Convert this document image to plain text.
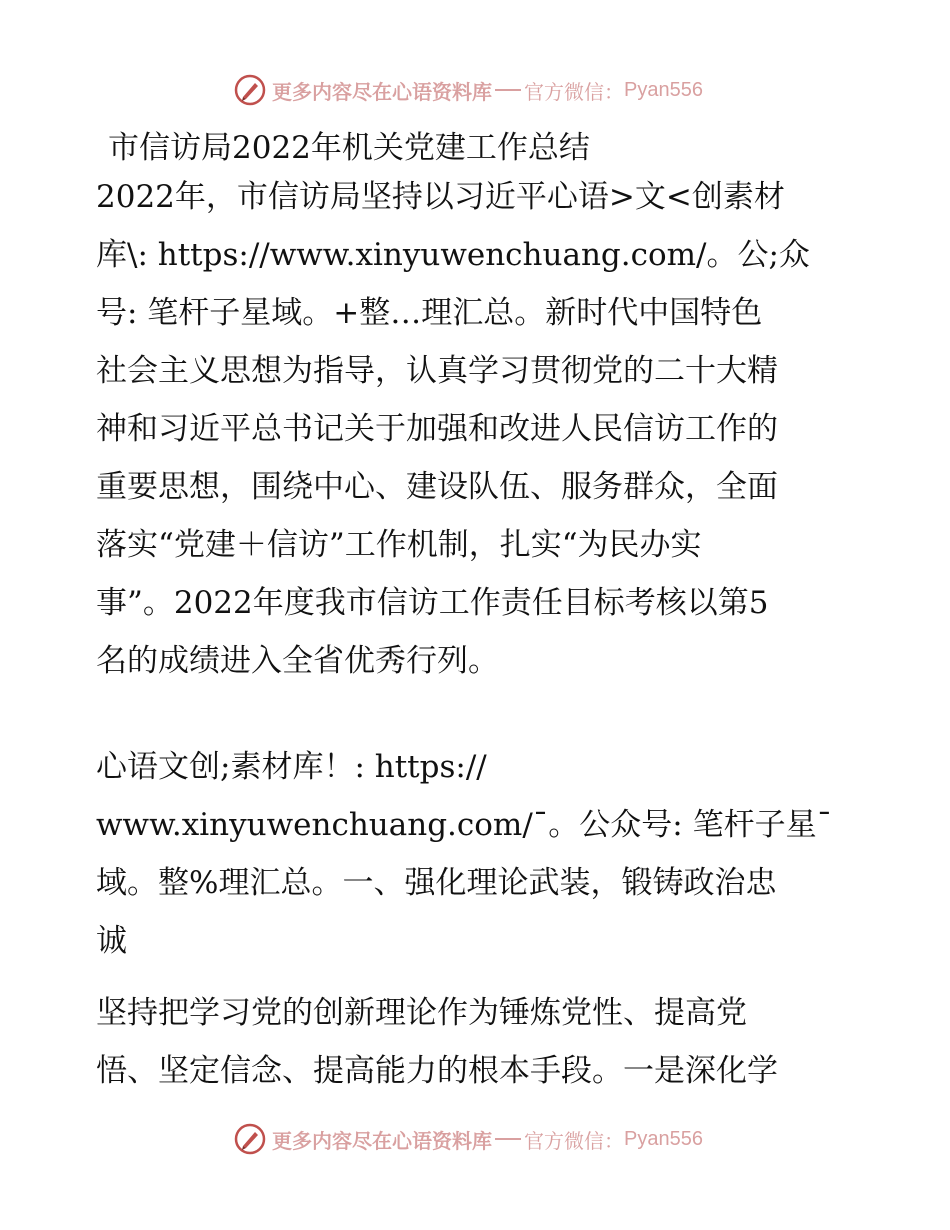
更多内容尽在心语资料库 官方微信： Pyan556
市信访局2022年机关党建工作总结

2022年，市信访局坚持以习近平心语>文<创素材
库\: https://www.xinyuwenchuang.com/。公;众
号: 笔杆子星域。+整…理汇总。新时代中国特色
社会主义思想为指导，认真学习贯彻党的二十大精
神和习近平总书记关于加强和改进人民信访工作的
重要思想，围绕中心、建设队伍、服务群众，全面
落实“党建＋信访”工作机制，扎实“为民办实
事”。2022年度我市信访工作责任目标考核以第5
名的成绩进入全省优秀行列。

心语文创;素材库！: https://
www.xinyuwenchuang.com/¯。公众号: 笔杆子星¯
域。整%理汇总。一、强化理论武装，锻铸政治忠
诚

坚持把学习党的创新理论作为锤炼党性、提高党
悟、坚定信念、提高能力的根本手段。一是深化学

更多内容尽在心语资料库 官方微信： Pyan556
